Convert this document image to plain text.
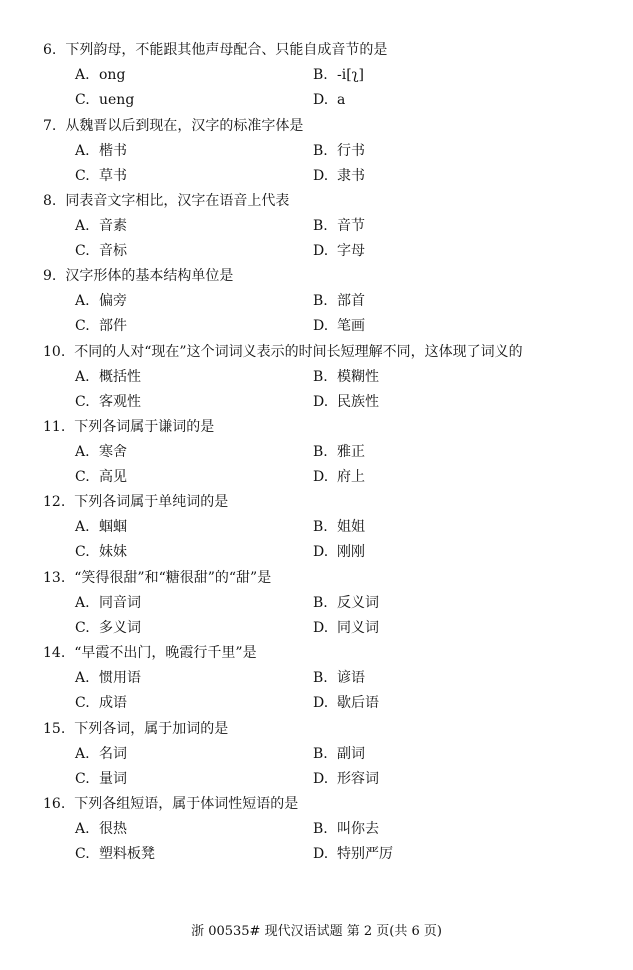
6. 下列韵母，不能跟其他声母配合、只能自成音节的是
A. ong	B. -i[ʅ]
C. ueng	D. a
7. 从魏晋以后到现在，汉字的标准字体是
A. 楷书	B. 行书
C. 草书	D. 隶书
8. 同表音文字相比，汉字在语音上代表
A. 音素	B. 音节
C. 音标	D. 字母
9. 汉字形体的基本结构单位是
A. 偏旁	B. 部首
C. 部件	D. 笔画
10. 不同的人对“现在”这个词词义表示的时间长短理解不同，这体现了词义的
A. 概括性	B. 模糊性
C. 客观性	D. 民族性
11. 下列各词属于谦词的是
A. 寒舍	B. 雅正
C. 高见	D. 府上
12. 下列各词属于单纯词的是
A. 蝈蝈	B. 姐姐
C. 妹妹	D. 刚刚
13. “笑得很甜”和“糖很甜”的“甜”是
A. 同音词	B. 反义词
C. 多义词	D. 同义词
14. “早霞不出门，晚霞行千里”是
A. 惯用语	B. 谚语
C. 成语	D. 歇后语
15. 下列各词，属于加词的是
A. 名词	B. 副词
C. 量词	D. 形容词
16. 下列各组短语，属于体词性短语的是
A. 很热	B. 叫你去
C. 塑料板凳	D. 特别严厉
浙 00535# 现代汉语试题 第 2 页(共 6 页)
